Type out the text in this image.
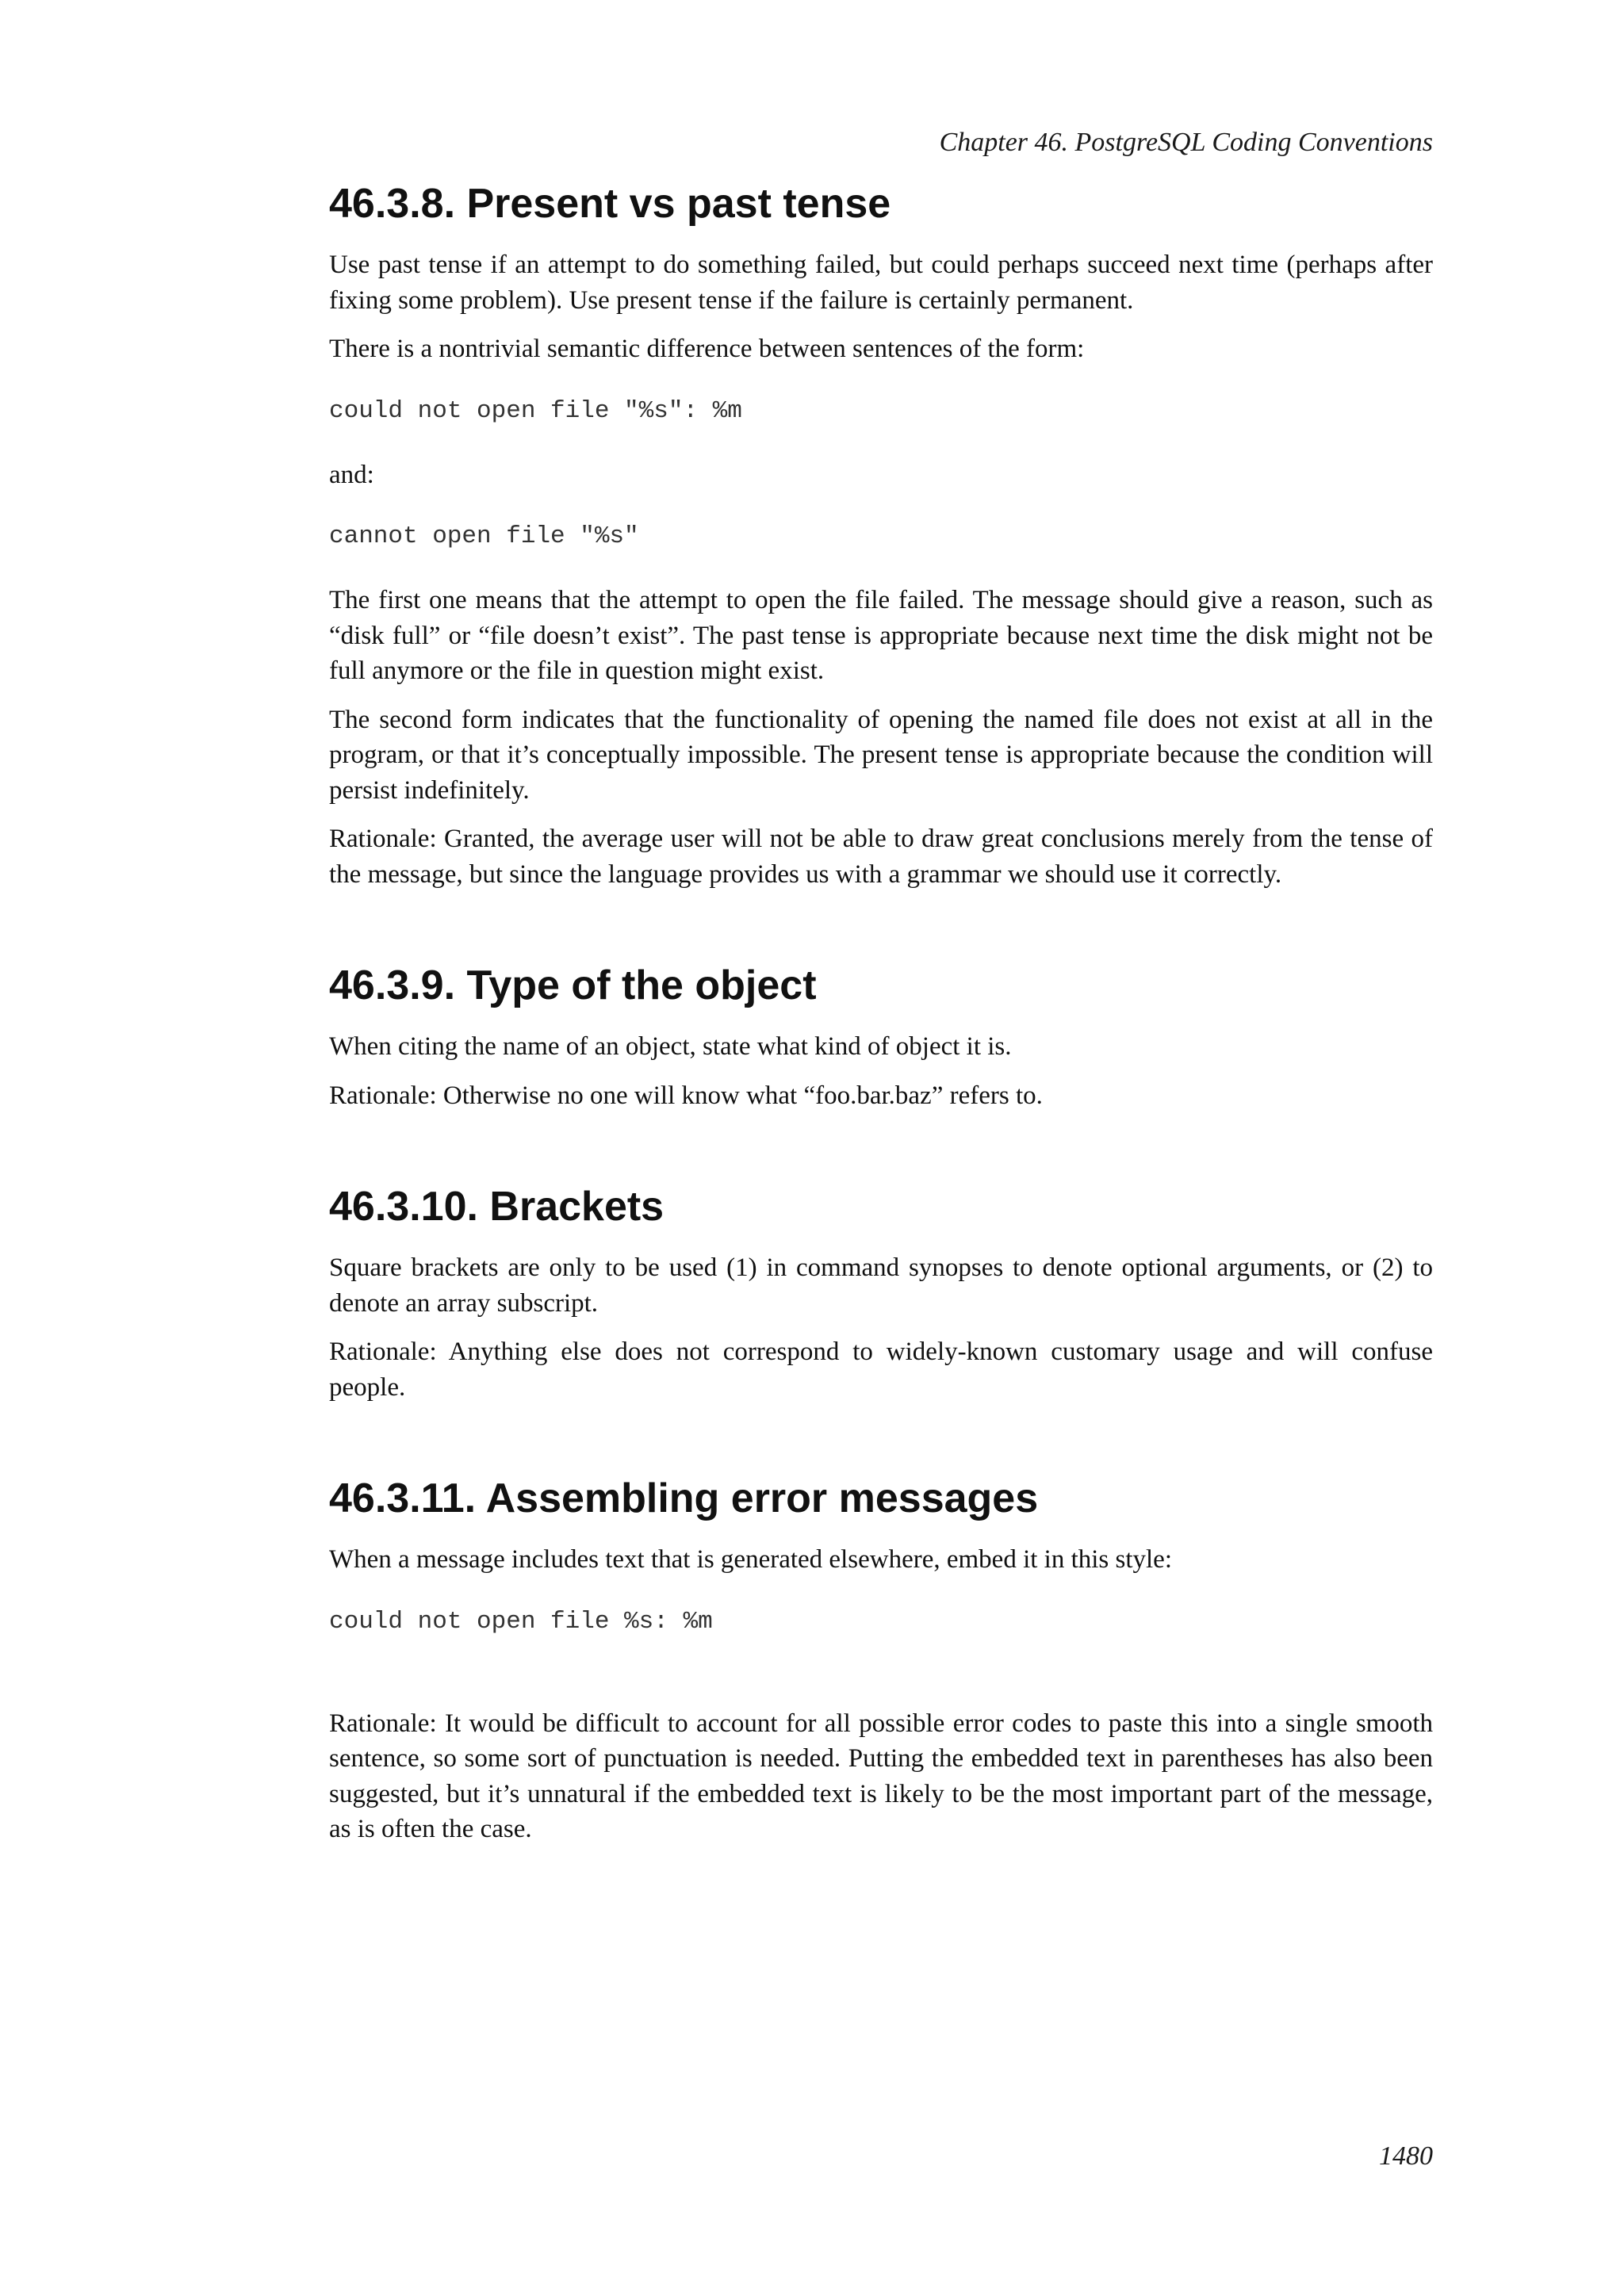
Chapter 46. PostgreSQL Coding Conventions
46.3.8. Present vs past tense

Use past tense if an attempt to do something failed, but could perhaps succeed next time (perhaps after fixing some problem). Use present tense if the failure is certainly permanent.

There is a nontrivial semantic difference between sentences of the form:

could not open file "%s": %m

and:

cannot open file "%s"

The first one means that the attempt to open the file failed. The message should give a reason, such as “disk full” or “file doesn’t exist”. The past tense is appropriate because next time the disk might not be full anymore or the file in question might exist.

The second form indicates that the functionality of opening the named file does not exist at all in the program, or that it’s conceptually impossible. The present tense is appropriate because the condition will persist indefinitely.

Rationale: Granted, the average user will not be able to draw great conclusions merely from the tense of the message, but since the language provides us with a grammar we should use it correctly.

46.3.9. Type of the object

When citing the name of an object, state what kind of object it is.

Rationale: Otherwise no one will know what “foo.bar.baz” refers to.

46.3.10. Brackets

Square brackets are only to be used (1) in command synopses to denote optional arguments, or (2) to denote an array subscript.

Rationale: Anything else does not correspond to widely-known customary usage and will confuse people.

46.3.11. Assembling error messages

When a message includes text that is generated elsewhere, embed it in this style:

could not open file %s: %m

Rationale: It would be difficult to account for all possible error codes to paste this into a single smooth sentence, so some sort of punctuation is needed. Putting the embedded text in parentheses has also been suggested, but it’s unnatural if the embedded text is likely to be the most important part of the message, as is often the case.

1480
